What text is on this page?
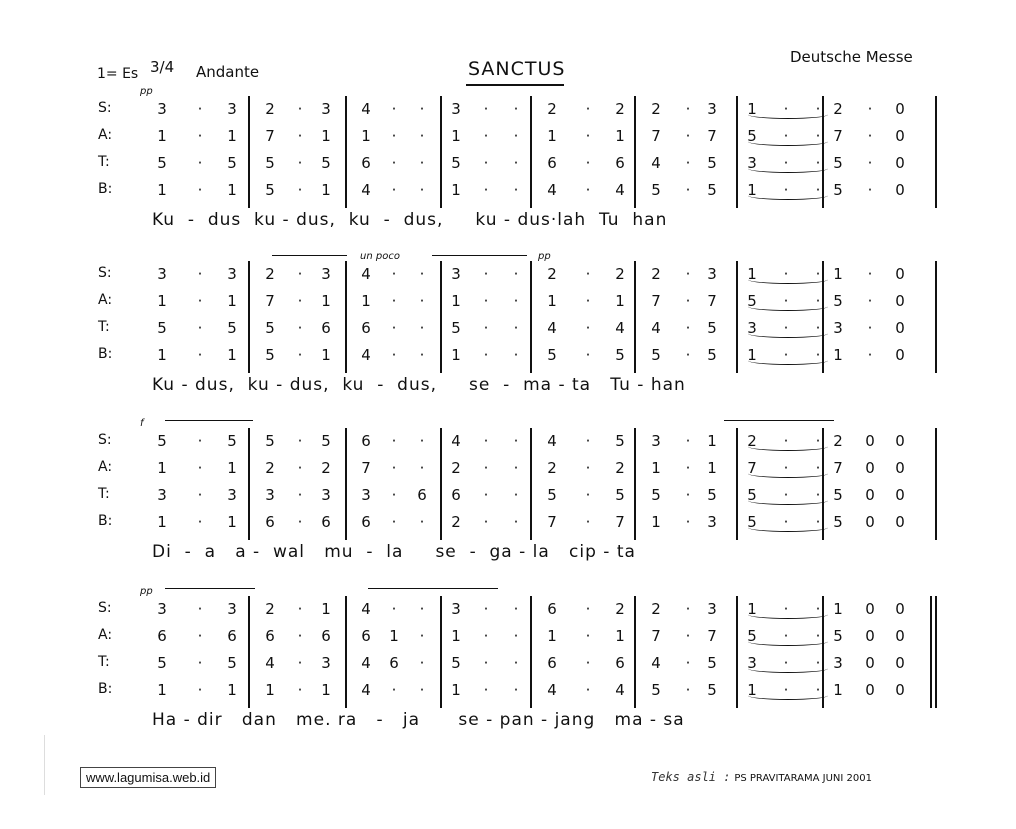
1= Es 3/4 Andante	SANCTUS
Deutsche Messe
S:	3	·	3	2	·	3	4	·	·	3	·	·	2	·	2	2	·	3	1	·	· 2	·	0
A:	1	·	1	7	·	1	1	·	·	1	·	·	1	·	1	7	·	7	5	·	· 7	·	0
T:	5	·	5	5	·	5	6	·	·	5	·	·	6	·	6	4	·	5	3	·	· 5	·	0
B:	1	·	1	5	·	1	4	·	·	1	·	·	4	·	4	5	·	5	1	·	· 5	·	0
pp
Ku  -  dus  ku - dus,  ku  -  dus,     ku - dus·lah  Tu  han
S:	3	·	3	2	·	3	4	·	·	3	·	·	2	·	2	2	·	3	1	·	· 1	·	0
A:	1	·	1	7	·	1	1	·	·	1	·	·	1	·	1	7	·	7	5	·	· 5	·	0
T:	5	·	5	5	·	6	6	·	·	5	·	·	4	·	4	4	·	5	3	·	· 3	·	0
B:	1	·	1	5	·	1	4	·	·	1	·	·	5	·	5	5	·	5	1	·	· 1	·	0
un poco	pp
Ku - dus,  ku - dus,  ku  -  dus,     se  -  ma - ta   Tu - han
S:	5	·	5	5	·	5	6	·	·	4	·	·	4	·	5	3	·	1	2	·	· 2	0	0
A:	1	·	1	2	·	2	7	·	·	2	·	·	2	·	2	1	·	1	7	·	· 7	0	0
T:	3	·	3	3	·	3	3	·	6	6	·	·	5	·	5	5	·	5	5	·	· 5	0	0
B:	1	·	1	6	·	6	6	·	·	2	·	·	7	·	7	1	·	3	5	·	· 5	0	0
f
Di  -  a   a -  wal   mu  -  la     se  -  ga - la   cip - ta
S:	3	·	3	2	·	1	4	·	·	3	·	·	6	·	2	2	·	3	1	·	· 1	0	0
A:	6	·	6	6	·	6	6	1	·	1	·	·	1	·	1	7	·	7	5	·	· 5	0	0
T:	5	·	5	4	·	3	4	6	·	5	·	·	6	·	6	4	·	5	3	·	· 3	0	0
B:	1	·	1	1	·	1	4	·	·	1	·	·	4	·	4	5	·	5	1	·	· 1	0	0
pp
Ha - dir   dan   me. ra   -   ja      se - pan - jang   ma - sa
www.lagumisa.web.id	Teks asli : PS PRAVITARAMA JUNI 2001
